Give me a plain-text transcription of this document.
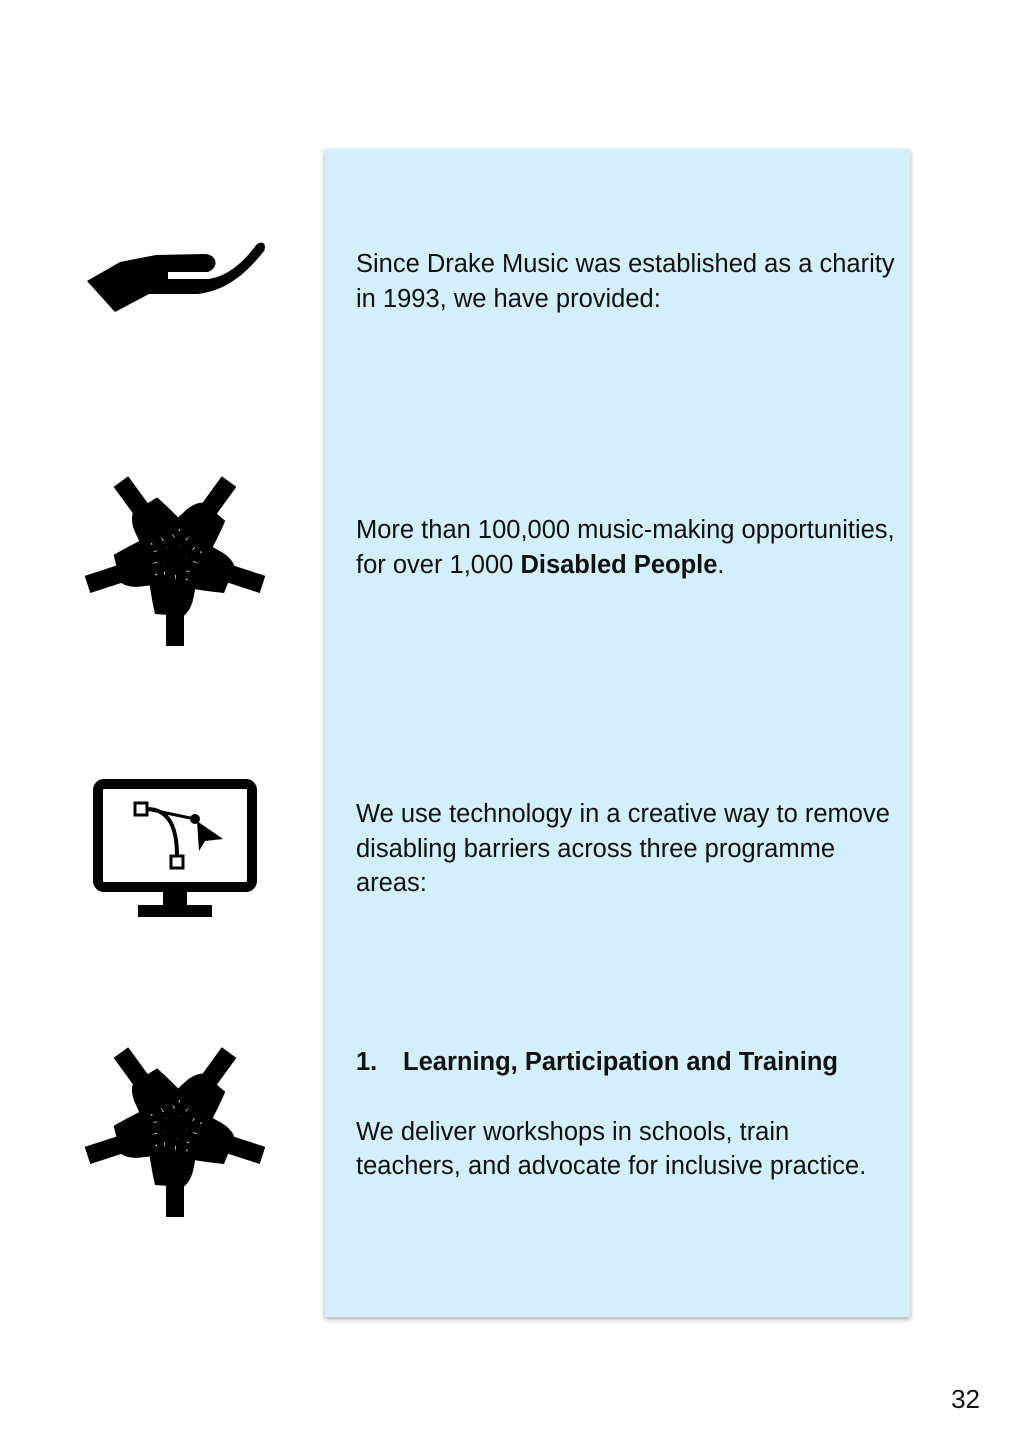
Since Drake Music was established as a charity in 1993, we have provided:

More than 100,000 music-making opportunities, for over 1,000 Disabled People.

We use technology in a creative way to remove disabling barriers across three programme areas:

1.	Learning, Participation and Training

We deliver workshops in schools, train teachers, and advocate for inclusive practice.

32
